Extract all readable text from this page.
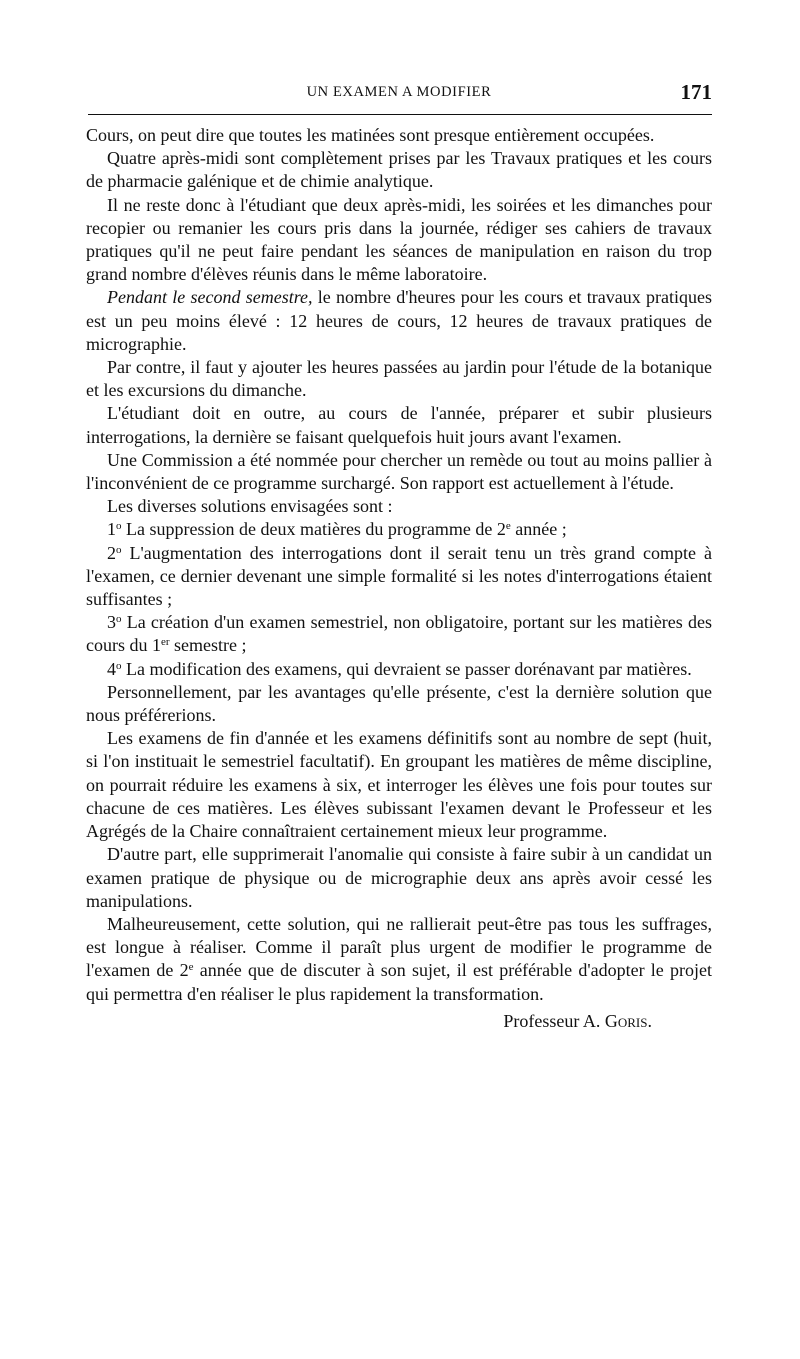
UN EXAMEN A MODIFIER	171

Cours, on peut dire que toutes les matinées sont presque entièrement occupées.

Quatre après-midi sont complètement prises par les Travaux pratiques et les cours de pharmacie galénique et de chimie analytique.

Il ne reste donc à l'étudiant que deux après-midi, les soirées et les dimanches pour recopier ou remanier les cours pris dans la journée, rédiger ses cahiers de travaux pratiques qu'il ne peut faire pendant les séances de manipulation en raison du trop grand nombre d'élèves réunis dans le même laboratoire.

Pendant le second semestre, le nombre d'heures pour les cours et travaux pratiques est un peu moins élevé : 12 heures de cours, 12 heures de travaux pratiques de micrographie.

Par contre, il faut y ajouter les heures passées au jardin pour l'étude de la botanique et les excursions du dimanche.

L'étudiant doit en outre, au cours de l'année, préparer et subir plusieurs interrogations, la dernière se faisant quelquefois huit jours avant l'examen.

Une Commission a été nommée pour chercher un remède ou tout au moins pallier à l'inconvénient de ce programme surchargé. Son rapport est actuellement à l'étude.

Les diverses solutions envisagées sont :

1$^o$ La suppression de deux matières du programme de 2e année ;

2$^o$ L'augmentation des interrogations dont il serait tenu un très grand compte à l'examen, ce dernier devenant une simple formalité si les notes d'interrogations étaient suffisantes ;

3$^o$ La création d'un examen semestriel, non obligatoire, portant sur les matières des cours du 1er semestre ;

4$^o$ La modification des examens, qui devraient se passer dorénavant par matières.

Personnellement, par les avantages qu'elle présente, c'est la dernière solution que nous préférerions.

Les examens de fin d'année et les examens définitifs sont au nombre de sept (huit, si l'on instituait le semestriel facultatif). En groupant les matières de même discipline, on pourrait réduire les examens à six, et interroger les élèves une fois pour toutes sur chacune de ces matières. Les élèves subissant l'examen devant le Professeur et les Agrégés de la Chaire connaîtraient certainement mieux leur programme.

D'autre part, elle supprimerait l'anomalie qui consiste à faire subir à un candidat un examen pratique de physique ou de micrographie deux ans après avoir cessé les manipulations.

Malheureusement, cette solution, qui ne rallierait peut-être pas tous les suffrages, est longue à réaliser. Comme il paraît plus urgent de modifier le programme de l'examen de 2e année que de discuter à son sujet, il est préférable d'adopter le projet qui permettra d'en réaliser le plus rapidement la transformation.

Professeur A. Goris.
